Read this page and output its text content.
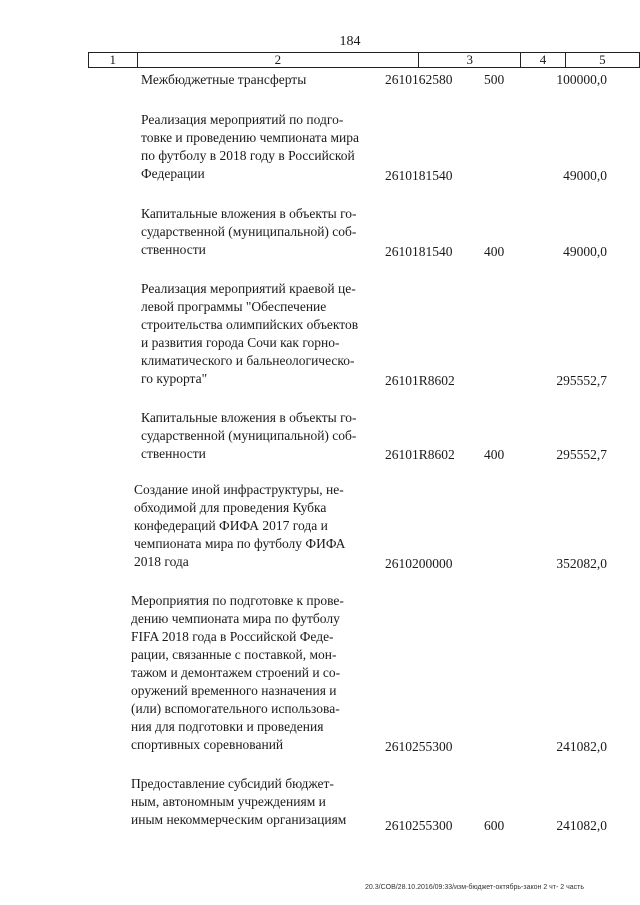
184
1	2	3	4	5
Межбюджетные трансферты	2610162580 500	100000,0
Реализация мероприятий по подго-
товке и проведению чемпионата мира
по футболу в 2018 году в Российской
Федерации	2610181540	49000,0
Капитальные вложения в объекты го-
сударственной (муниципальной) соб-
ственности	2610181540 400	49000,0
Реализация мероприятий краевой це-
левой программы "Обеспечение
строительства олимпийских объектов
и развития города Сочи как горно-
климатического и бальнеологическо-
го курорта"	26101R8602	295552,7
Капитальные вложения в объекты го-
сударственной (муниципальной) соб-
ственности	26101R8602 400	295552,7
Создание иной инфраструктуры, не-
обходимой для проведения Кубка
конфедераций ФИФА 2017 года и
чемпионата мира по футболу ФИФА
2018 года	2610200000	352082,0
Мероприятия по подготовке к прове-
дению чемпионата мира по футболу
FIFA 2018 года в Российской Феде-
рации, связанные с поставкой, мон-
тажом и демонтажем строений и со-
оружений временного назначения и
(или) вспомогательного использова-
ния для подготовки и проведения
спортивных соревнований	2610255300	241082,0
Предоставление субсидий бюджет-
ным, автономным учреждениям и
иным некоммерческим организациям	2610255300 600	241082,0
20.3/COB/28.10.2016/09:33/изм-бюджет-октябрь-закон 2 чт- 2 часть
